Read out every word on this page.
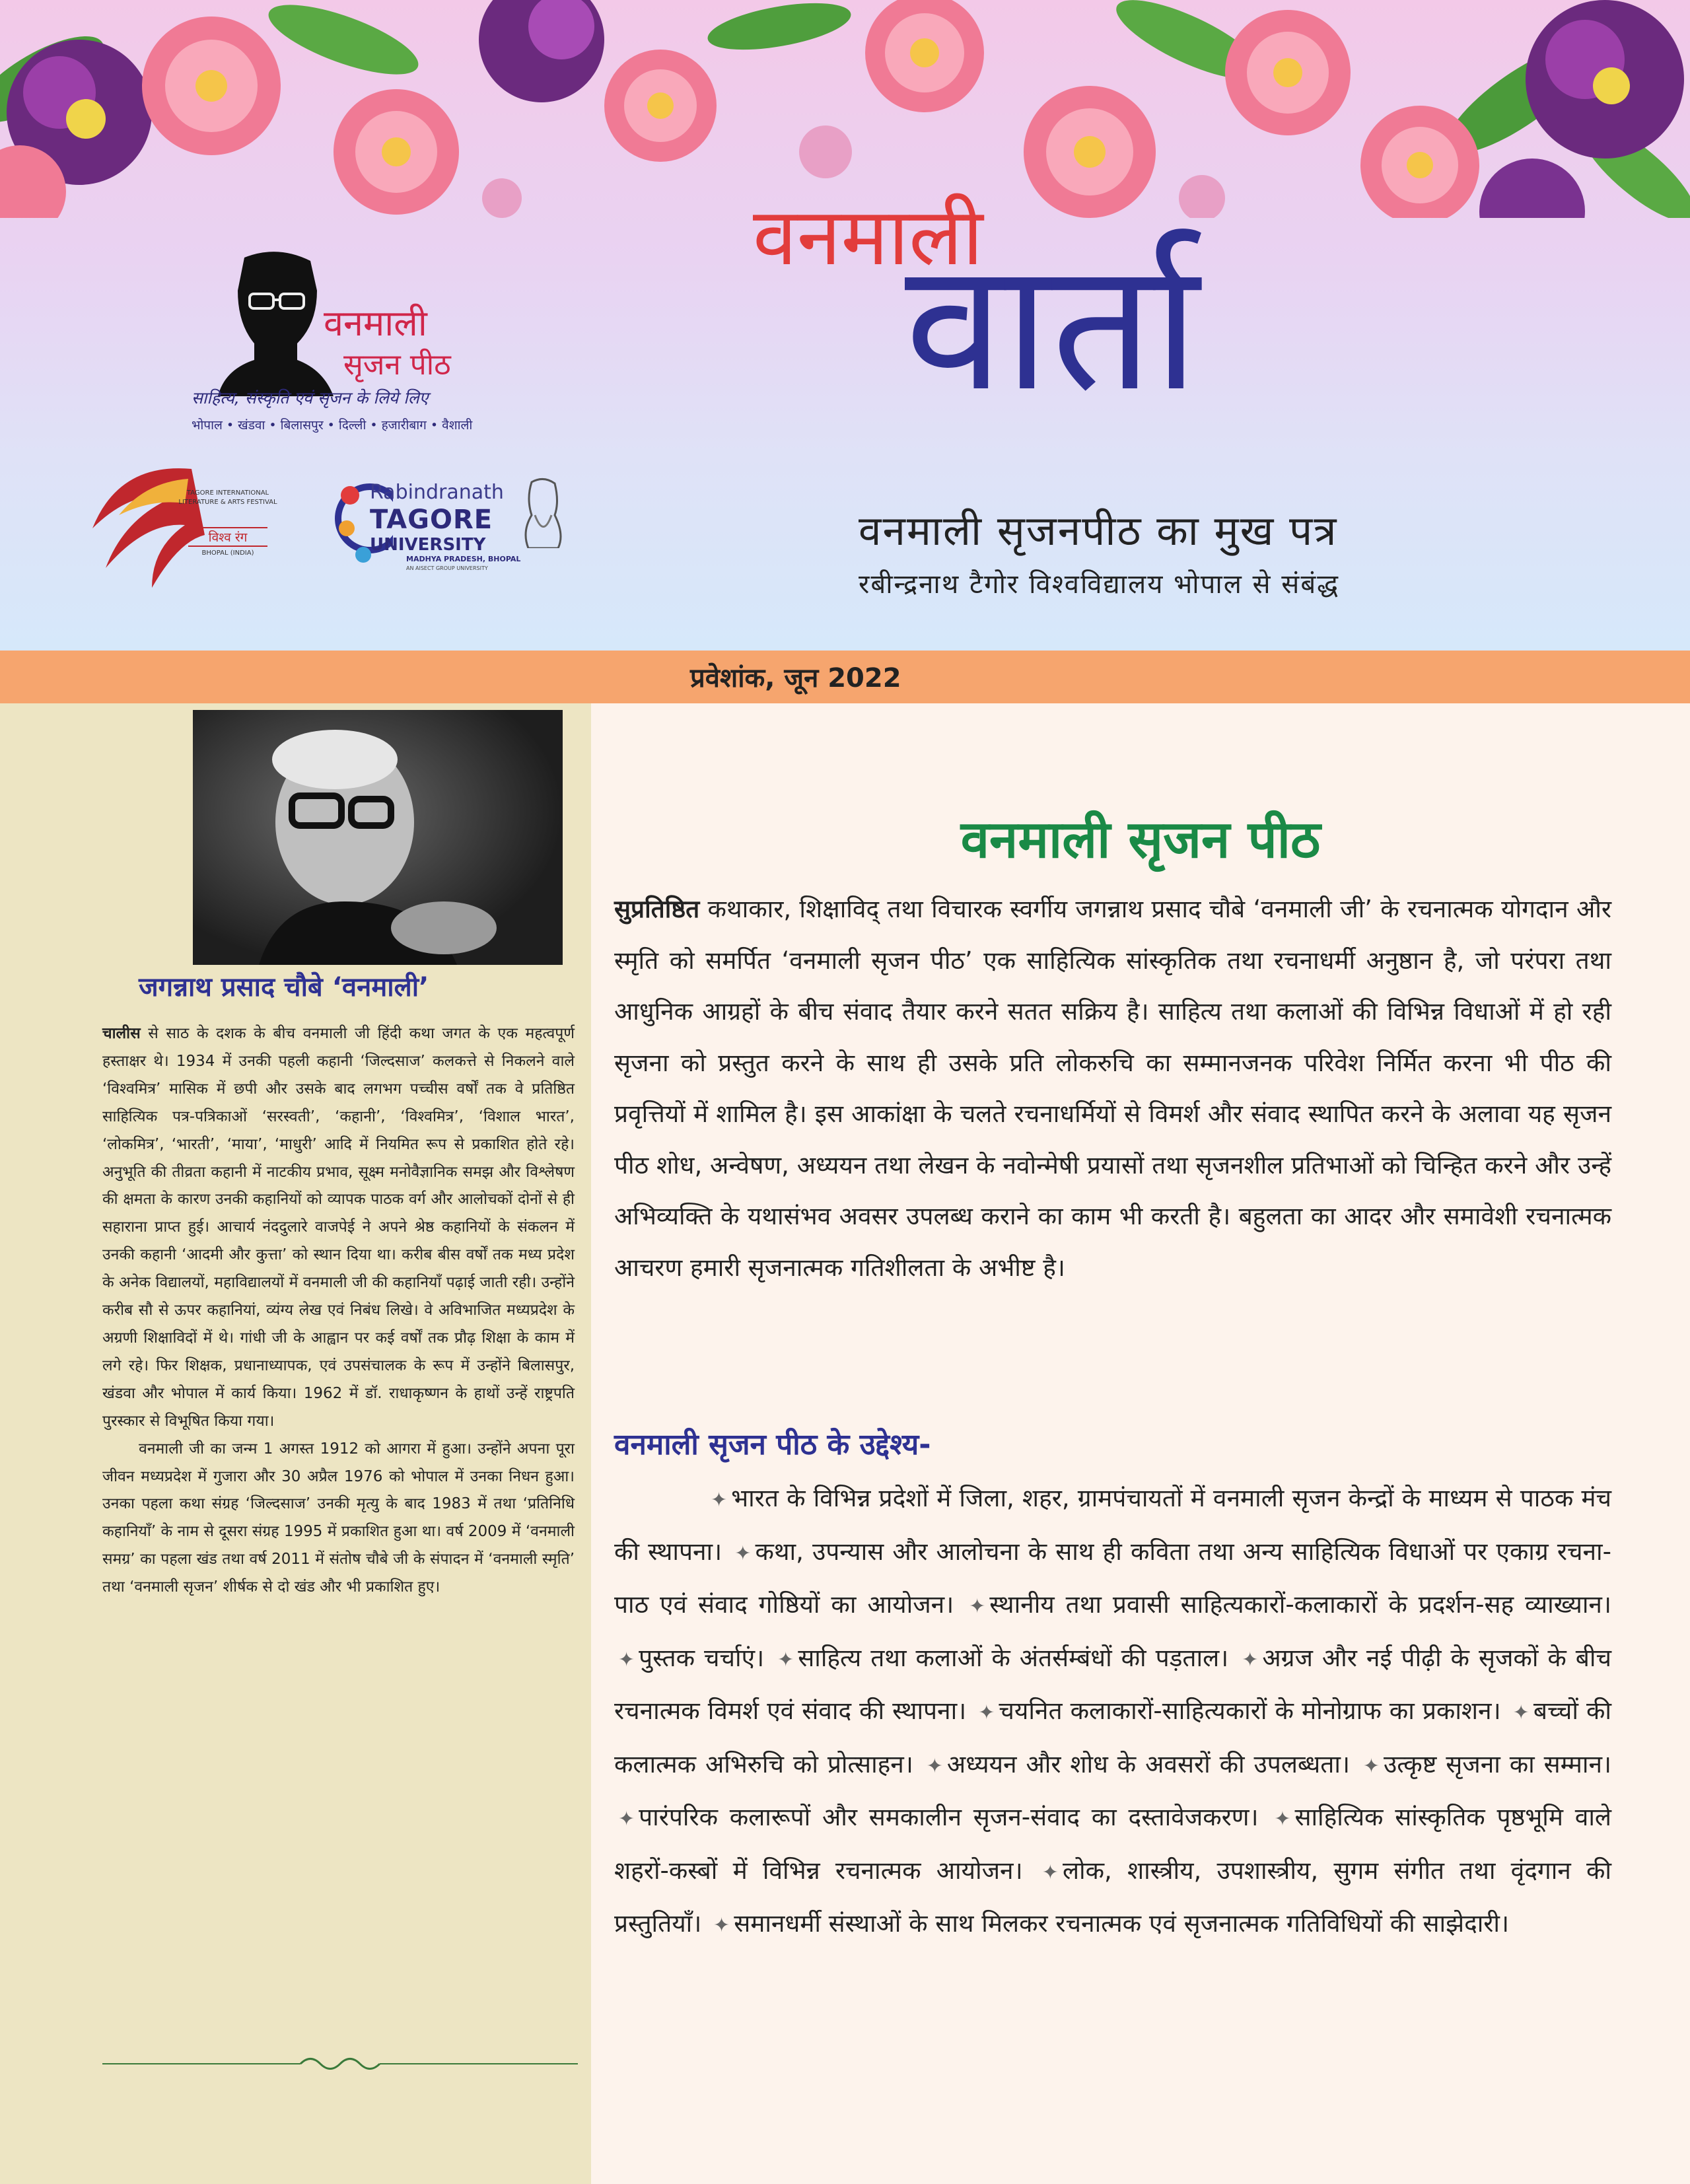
वनमाली
सृजन पीठ
साहित्य, संस्कृति एवं सृजन के लिये लिए
भोपाल • खंडवा • बिलासपुर • दिल्ली • हजारीबाग • वैशाली
TAGORE INTERNATIONAL LITERATURE & ARTS FESTIVAL
विश्व रंग
BHOPAL (INDIA)
Rabindranath
TAGORE
UNIVERSITY
MADHYA PRADESH, BHOPAL
AN AISECT GROUP UNIVERSITY
वनमाली
वार्ता
वनमाली सृजनपीठ का मुख पत्र
रबीन्द्रनाथ टैगोर विश्वविद्यालय भोपाल से संबंद्ध
प्रवेशांक, जून 2022
जगन्नाथ प्रसाद चौबे ‘वनमाली’

चालीस से साठ के दशक के बीच वनमाली जी हिंदी कथा जगत के एक महत्वपूर्ण हस्ताक्षर थे। 1934 में उनकी पहली कहानी ‘जिल्दसाज’ कलकत्ते से निकलने वाले ‘विश्वमित्र’ मासिक में छपी और उसके बाद लगभग पच्चीस वर्षों तक वे प्रतिष्ठित साहित्यिक पत्र-पत्रिकाओं ‘सरस्वती’, ‘कहानी’, ‘विश्वमित्र’, ‘विशाल भारत’, ‘लोकमित्र’, ‘भारती’, ‘माया’, ‘माधुरी’ आदि में नियमित रूप से प्रकाशित होते रहे। अनुभूति की तीव्रता कहानी में नाटकीय प्रभाव, सूक्ष्म मनोवैज्ञानिक समझ और विश्लेषण की क्षमता के कारण उनकी कहानियों को व्यापक पाठक वर्ग और आलोचकों दोनों से ही सहाराना प्राप्त हुई। आचार्य नंददुलारे वाजपेई ने अपने श्रेष्ठ कहानियों के संकलन में उनकी कहानी ‘आदमी और कुत्ता’ को स्थान दिया था। करीब बीस वर्षों तक मध्य प्रदेश के अनेक विद्यालयों, महाविद्यालयों में वनमाली जी की कहानियाँ पढ़ाई जाती रही। उन्होंने करीब सौ से ऊपर कहानियां, व्यंग्य लेख एवं निबंध लिखे। वे अविभाजित मध्यप्रदेश के अग्रणी शिक्षाविदों में थे। गांधी जी के आह्वान पर कई वर्षों तक प्रौढ़ शिक्षा के काम में लगे रहे। फिर शिक्षक, प्रधानाध्यापक, एवं उपसंचालक के रूप में उन्होंने बिलासपुर, खंडवा और भोपाल में कार्य किया। 1962 में डॉ. राधाकृष्णन के हाथों उन्हें राष्ट्रपति पुरस्कार से विभूषित किया गया।

वनमाली जी का जन्म 1 अगस्त 1912 को आगरा में हुआ। उन्होंने अपना पूरा जीवन मध्यप्रदेश में गुजारा और 30 अप्रैल 1976 को भोपाल में उनका निधन हुआ। उनका पहला कथा संग्रह ‘जिल्दसाज’ उनकी मृत्यु के बाद 1983 में तथा ‘प्रतिनिधि कहानियाँ’ के नाम से दूसरा संग्रह 1995 में प्रकाशित हुआ था। वर्ष 2009 में ‘वनमाली समग्र’ का पहला खंड तथा वर्ष 2011 में संतोष चौबे जी के संपादन में ‘वनमाली स्मृति’ तथा ‘वनमाली सृजन’ शीर्षक से दो खंड और भी प्रकाशित हुए।

वनमाली सृजन पीठ
सुप्रतिष्ठित कथाकार, शिक्षाविद् तथा विचारक स्वर्गीय जगन्नाथ प्रसाद चौबे ‘वनमाली जी’ के रचनात्मक योगदान और स्मृति को समर्पित ‘वनमाली सृजन पीठ’ एक साहित्यिक सांस्कृतिक तथा रचनाधर्मी अनुष्ठान है, जो परंपरा तथा आधुनिक आग्रहों के बीच संवाद तैयार करने सतत सक्रिय है। साहित्य तथा कलाओं की विभिन्न विधाओं में हो रही सृजना को प्रस्तुत करने के साथ ही उसके प्रति लोकरुचि का सम्मानजनक परिवेश निर्मित करना भी पीठ की प्रवृत्तियों में शामिल है। इस आकांक्षा के चलते रचनाधर्मियों से विमर्श और संवाद स्थापित करने के अलावा यह सृजन पीठ शोध, अन्वेषण, अध्ययन तथा लेखन के नवोन्मेषी प्रयासों तथा सृजनशील प्रतिभाओं को चिन्हित करने और उन्हें अभिव्यक्ति के यथासंभव अवसर उपलब्ध कराने का काम भी करती है। बहुलता का आदर और समावेशी रचनात्मक आचरण हमारी सृजनात्मक गतिशीलता के अभीष्ट है।
वनमाली सृजन पीठ के उद्देश्य-

✦ भारत के विभिन्न प्रदेशों में जिला, शहर, ग्रामपंचायतों में वनमाली सृजन केन्द्रों के माध्यम से पाठक मंच की स्थापना। ✦ कथा, उपन्यास और आलोचना के साथ ही कविता तथा अन्य साहित्यिक विधाओं पर एकाग्र रचना-पाठ एवं संवाद गोष्ठियों का आयोजन। ✦ स्थानीय तथा प्रवासी साहित्यकारों-कलाकारों के प्रदर्शन-सह व्याख्यान। ✦ पुस्तक चर्चाएं। ✦ साहित्य तथा कलाओं के अंतर्सम्बंधों की पड़ताल। ✦ अग्रज और नई पीढ़ी के सृजकों के बीच रचनात्मक विमर्श एवं संवाद की स्थापना। ✦ चयनित कलाकारों-साहित्यकारों के मोनोग्राफ का प्रकाशन। ✦ बच्चों की कलात्मक अभिरुचि को प्रोत्साहन। ✦ अध्ययन और शोध के अवसरों की उपलब्धता। ✦ उत्कृष्ट सृजना का सम्मान। ✦ पारंपरिक कलारूपों और समकालीन सृजन-संवाद का दस्तावेजकरण। ✦ साहित्यिक सांस्कृतिक पृष्ठभूमि वाले शहरों-कस्बों में विभिन्न रचनात्मक आयोजन। ✦ लोक, शास्त्रीय, उपशास्त्रीय, सुगम संगीत तथा वृंदगान की प्रस्तुतियाँ। ✦ समानधर्मी संस्थाओं के साथ मिलकर रचनात्मक एवं सृजनात्मक गतिविधियों की साझेदारी।
